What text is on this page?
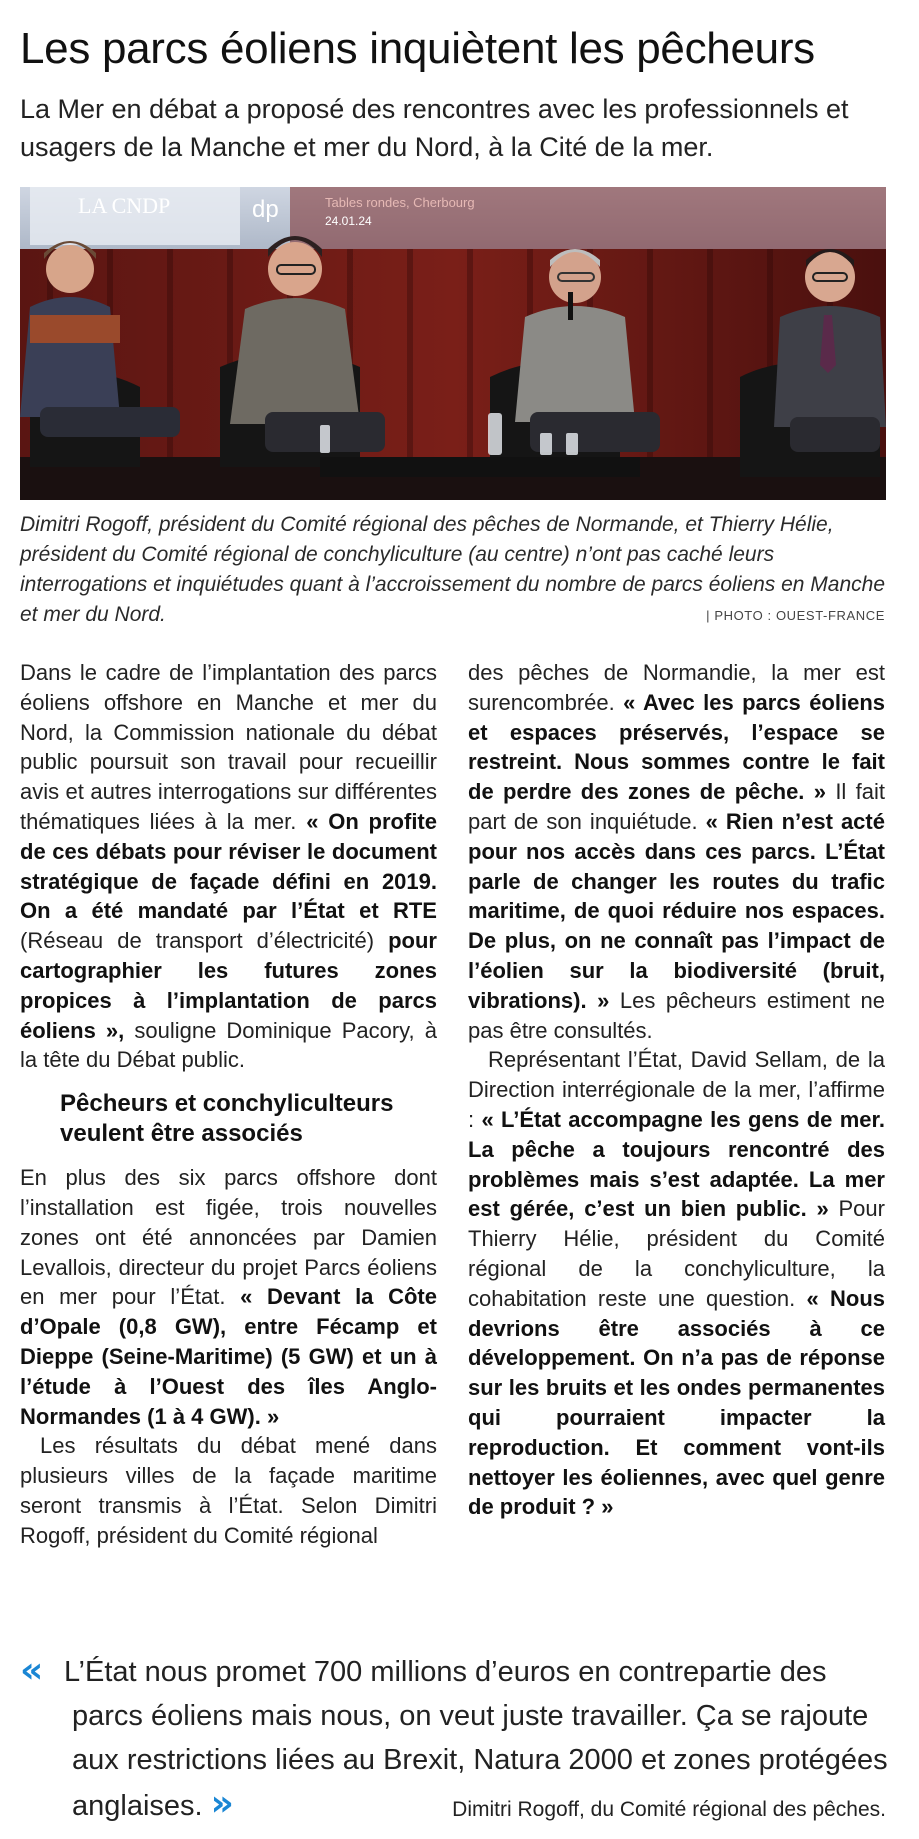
Les parcs éoliens inquiètent les pêcheurs

La Mer en débat a proposé des rencontres avec les professionnels et usagers de la Manche et mer du Nord, à la Cité de la mer.

LA CNDP	dp	Tables rondes, Cherbourg
24.01.24
Dimitri Rogoff, président du Comité régional des pêches de Normande, et Thierry Hélie, président du Comité régional de conchyliculture (au centre) n’ont pas caché leurs interrogations et inquiétudes quant à l’accroissement du nombre de parcs éoliens en Manche et mer du Nord.	| PHOTO : OUEST-FRANCE

Dans le cadre de l’implantation des parcs éoliens offshore en Manche et mer du Nord, la Commission nationale du débat public poursuit son travail pour recueillir avis et autres interrogations sur différentes thématiques liées à la mer. « On profite de ces débats pour réviser le document stratégique de façade défini en 2019. On a été mandaté par l’État et RTE (Réseau de transport d’électricité) pour cartographier les futures zones propices à l’implantation de parcs éoliens », souligne Dominique Pacory, à la tête du Débat public.

Pêcheurs et conchyliculteurs veulent être associés

En plus des six parcs offshore dont l’installation est figée, trois nouvelles zones ont été annoncées par Damien Levallois, directeur du projet Parcs éoliens en mer pour l’État. « Devant la Côte d’Opale (0,8 GW), entre Fécamp et Dieppe (Seine-Maritime) (5 GW) et un à l’étude à l’Ouest des îles Anglo-Normandes (1 à 4 GW). »

Les résultats du débat mené dans plusieurs villes de la façade maritime seront transmis à l’État. Selon Dimitri Rogoff, président du Comité régional

des pêches de Normandie, la mer est surencombrée. « Avec les parcs éoliens et espaces préservés, l’espace se restreint. Nous sommes contre le fait de perdre des zones de pêche. » Il fait part de son inquiétude. « Rien n’est acté pour nos accès dans ces parcs. L’État parle de changer les routes du trafic maritime, de quoi réduire nos espaces. De plus, on ne connaît pas l’impact de l’éolien sur la biodiversité (bruit, vibrations). » Les pêcheurs estiment ne pas être consultés.

Représentant l’État, David Sellam, de la Direction interrégionale de la mer, l’affirme : « L’État accompagne les gens de mer. La pêche a toujours rencontré des problèmes mais s’est adaptée. La mer est gérée, c’est un bien public. » Pour Thierry Hélie, président du Comité régional de la conchyliculture, la cohabitation reste une question. « Nous devrions être associés à ce développement. On n’a pas de réponse sur les bruits et les ondes permanentes qui pourraient impacter la reproduction. Et comment vont-ils nettoyer les éoliennes, avec quel genre de produit ? »

« L’État nous promet 700 millions d’euros en contrepartie des parcs éoliens mais nous, on veut juste travailler. Ça se rajoute aux restrictions liées au Brexit, Natura 2000 et zones protégées anglaises. »	Dimitri Rogoff, du Comité régional des pêches.
